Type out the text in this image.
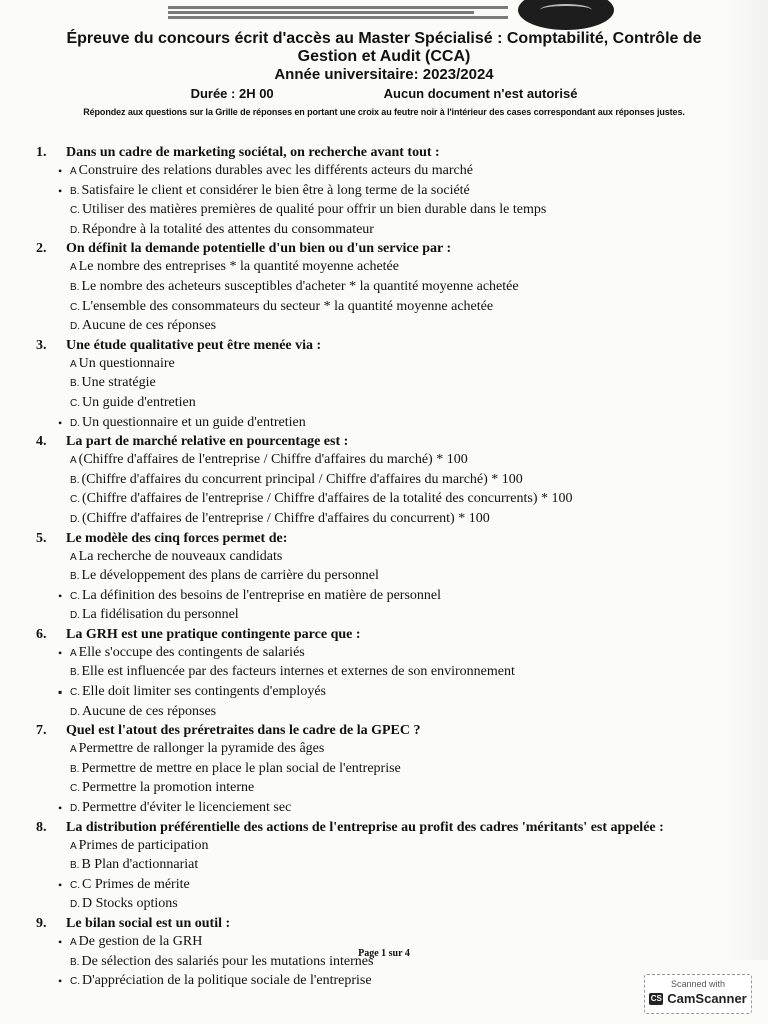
Épreuve du concours écrit d'accès au Master Spécialisé : Comptabilité, Contrôle de Gestion et Audit (CCA)

Année universitaire: 2023/2024

Durée : 2H 00	Aucun document n'est autorisé
Répondez aux questions sur la Grille de réponses en portant une croix au feutre noir à l'intérieur des cases correspondant aux réponses justes.
1.	Dans un cadre de marketing sociétal, on recherche avant tout :
• A Construire des relations durables avec les différents acteurs du marché
• B. Satisfaire le client et considérer le bien être à long terme de la société
C. Utiliser des matières premières de qualité pour offrir un bien durable dans le temps
D. Répondre à la totalité des attentes du consommateur
2.	On définit la demande potentielle d'un bien ou d'un service par :
A Le nombre des entreprises * la quantité moyenne achetée
B. Le nombre des acheteurs susceptibles d'acheter * la quantité moyenne achetée
C. L'ensemble des consommateurs du secteur * la quantité moyenne achetée
D. Aucune de ces réponses
3.	Une étude qualitative peut être menée via :
A Un questionnaire
B. Une stratégie
C. Un guide d'entretien
• D. Un questionnaire et un guide d'entretien
4.	La part de marché relative en pourcentage est :
A (Chiffre d'affaires de l'entreprise / Chiffre d'affaires du marché) * 100
B. (Chiffre d'affaires du concurrent principal / Chiffre d'affaires du marché) * 100
C. (Chiffre d'affaires de l'entreprise / Chiffre d'affaires de la totalité des concurrents) * 100
D. (Chiffre d'affaires de l'entreprise / Chiffre d'affaires du concurrent) * 100
5.	Le modèle des cinq forces permet de:
A La recherche de nouveaux candidats
B. Le développement des plans de carrière du personnel
• C. La définition des besoins de l'entreprise en matière de personnel
D. La fidélisation du personnel
6.	La GRH est une pratique contingente parce que :
• A Elle s'occupe des contingents de salariés
B. Elle est influencée par des facteurs internes et externes de son environnement
▪ C. Elle doit limiter ses contingents d'employés
D. Aucune de ces réponses
7.	Quel est l'atout des préretraites dans le cadre de la GPEC ?
A Permettre de rallonger la pyramide des âges
B. Permettre de mettre en place le plan social de l'entreprise
C. Permettre la promotion interne
• D. Permettre d'éviter le licenciement sec
8.	La distribution préférentielle des actions de l'entreprise au profit des cadres 'méritants' est appelée :
A Primes de participation
B. B Plan d'actionnariat
• C. C Primes de mérite
D. D Stocks options
9.	Le bilan social est un outil :
• A De gestion de la GRH
B. De sélection des salariés pour les mutations internes
• C. D'appréciation de la politique sociale de l'entreprise
Page 1 sur 4
Scanned with
CS CamScanner
